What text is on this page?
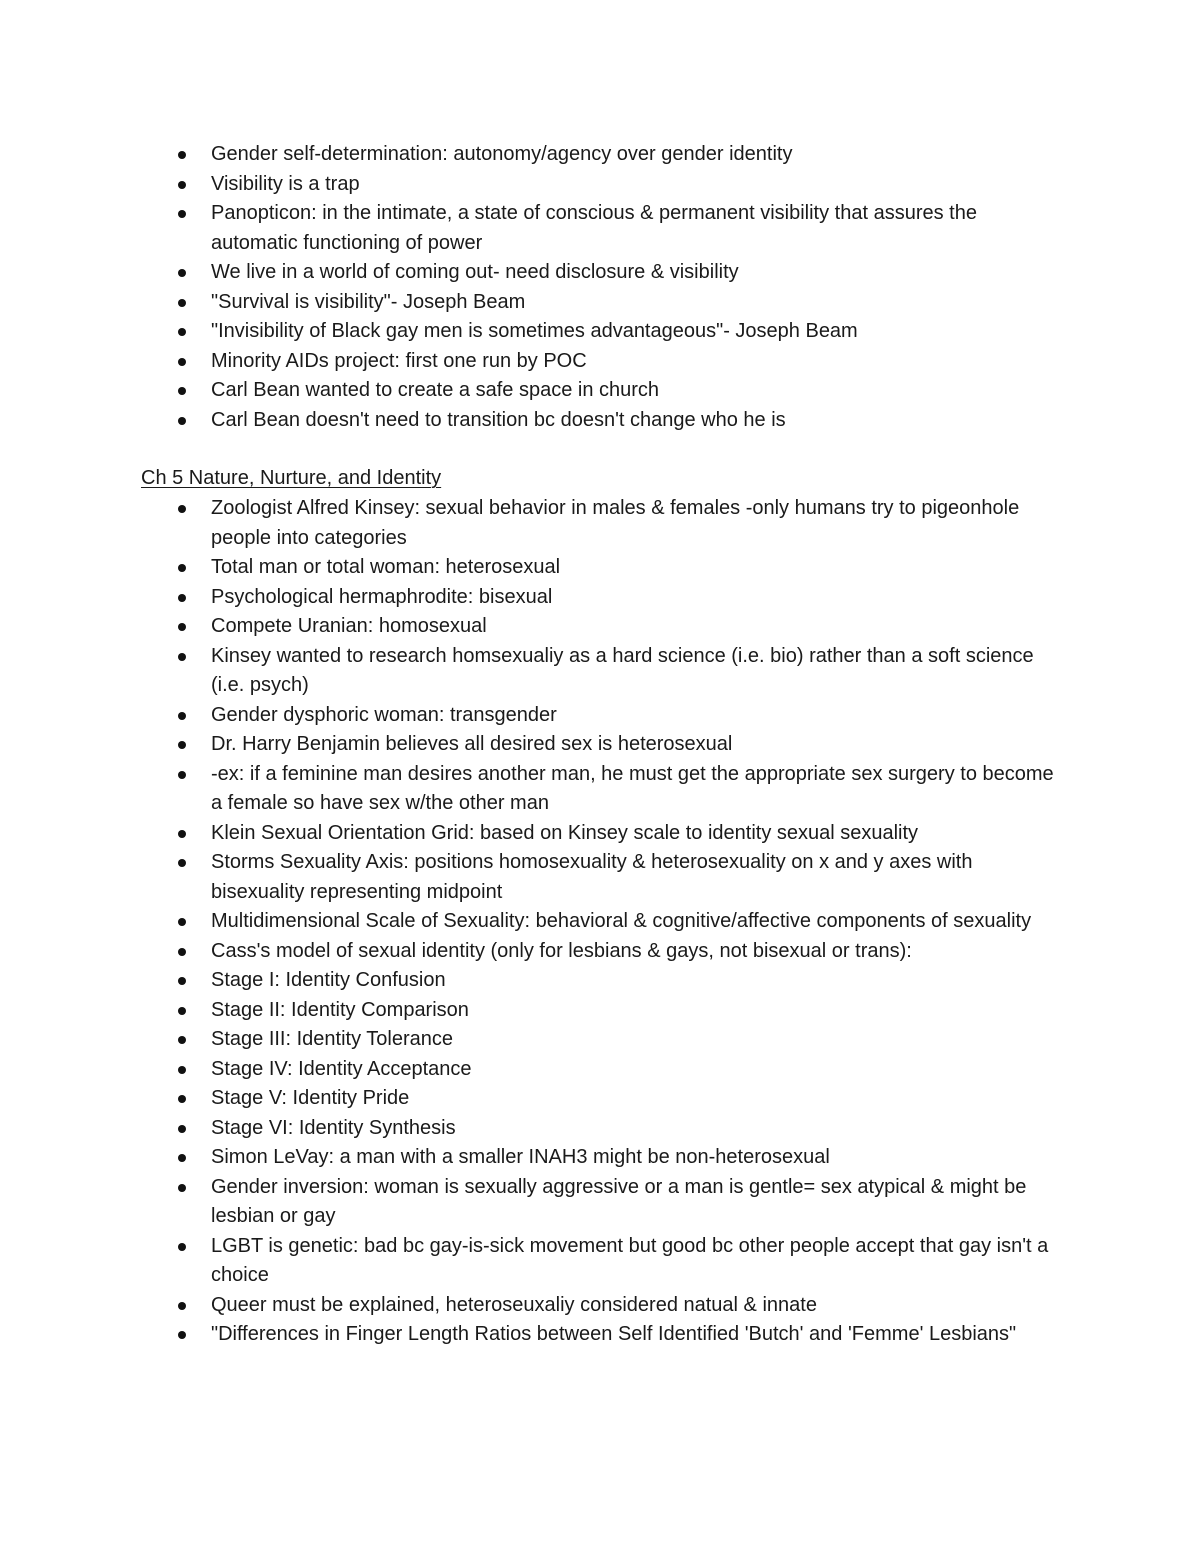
Gender self-determination: autonomy/agency over gender identity
Visibility is a trap
Panopticon: in the intimate, a state of conscious & permanent visibility that assures the automatic functioning of power
We live in a world of coming out- need disclosure & visibility
"Survival is visibility"- Joseph Beam
"Invisibility of Black gay men is sometimes advantageous"- Joseph Beam
Minority AIDs project: first one run by POC
Carl Bean wanted to create a safe space in church
Carl Bean doesn't need to transition bc doesn't change who he is
Ch 5 Nature, Nurture, and Identity
Zoologist Alfred Kinsey: sexual behavior in males & females -only humans try to pigeonhole people into categories
Total man or total woman: heterosexual
Psychological hermaphrodite: bisexual
Compete Uranian: homosexual
Kinsey wanted to research homsexualiy as a hard science (i.e. bio) rather than a soft science (i.e. psych)
Gender dysphoric woman: transgender
Dr. Harry Benjamin believes all desired sex is heterosexual
-ex: if a feminine man desires another man, he must get the appropriate sex surgery to become a female so have sex w/the other man
Klein Sexual Orientation Grid: based on Kinsey scale to identity sexual sexuality
Storms Sexuality Axis: positions homosexuality & heterosexuality on x and y axes with bisexuality representing midpoint
Multidimensional Scale of Sexuality: behavioral & cognitive/affective components of sexuality
Cass's model of sexual identity (only for lesbians & gays, not bisexual or trans):
Stage I: Identity Confusion
Stage II: Identity Comparison
Stage III: Identity Tolerance
Stage IV: Identity Acceptance
Stage V: Identity Pride
Stage VI: Identity Synthesis
Simon LeVay: a man with a smaller INAH3 might be non-heterosexual
Gender inversion: woman is sexually aggressive or a man is gentle= sex atypical & might be lesbian or gay
LGBT is genetic: bad bc gay-is-sick movement but good bc other people accept that gay isn't a choice
Queer must be explained, heteroseuxaliy considered natual & innate
"Differences in Finger Length Ratios between Self Identified 'Butch' and 'Femme' Lesbians"
